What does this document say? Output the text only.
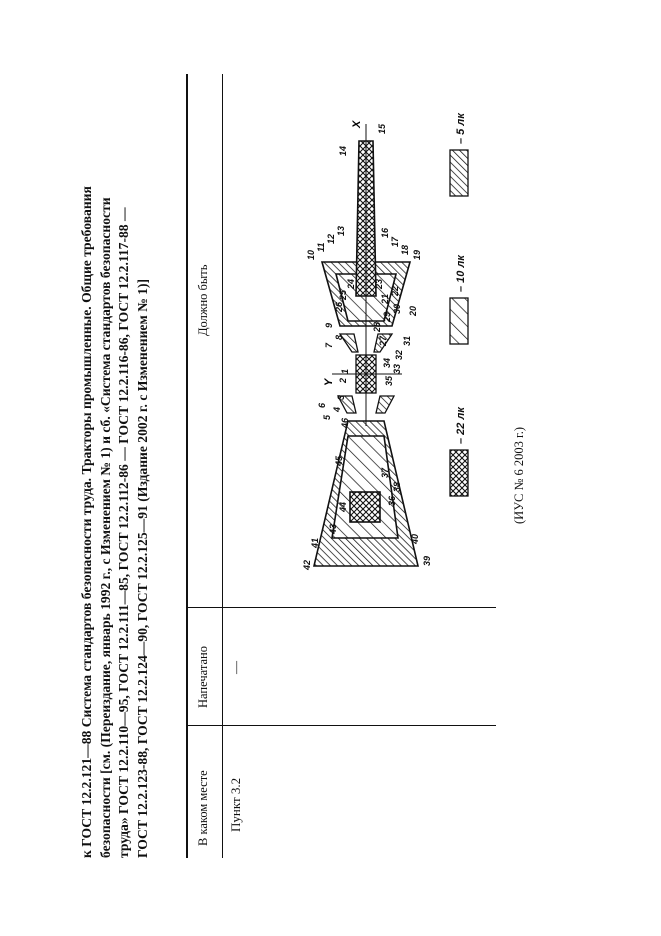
к ГОСТ 12.2.121—88 Система стандартов безопасности труда. Тракторы промышленные. Общие требования безопасности [см. (Переиздание, январь 1992 г., с Изменением № 1) и сб. «Система стандартов безопасности труда» ГОСТ 12.2.110—95, ГОСТ 12.2.111—85, ГОСТ 12.2.112-86 — ГОСТ 12.2.116-86, ГОСТ 12.2.117-88 — ГОСТ 12.2.123-88, ГОСТ 12.2.124—90, ГОСТ 12.2.125—91 (Издание 2002 г. с Изменением № 1)]	В каком месте
Напечатано
Должно быть
Пункт 3.2
—
X
Y
1
2
3
4
5
6
7
8
9
10
11
12
13
14
15
16
17
18 19
20
21
22
23
24
25
26
27
28
29
30
31
32
33
34
35
36
37
38
39
40
41
42
43
44
45
46	– 22 лк
– 10 лк
– 5 лк
(ИУС № 6 2003 г.)
